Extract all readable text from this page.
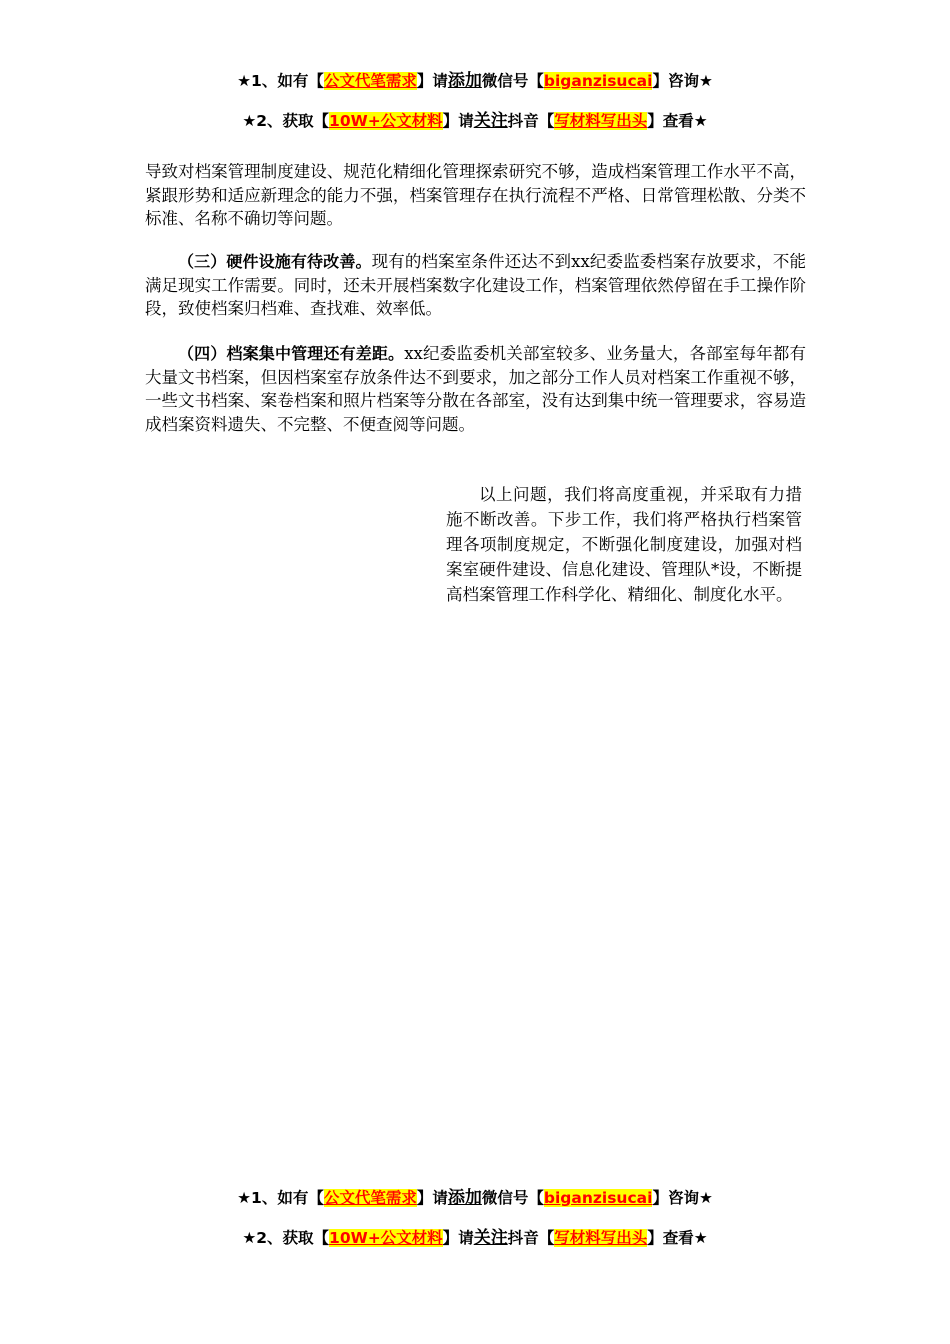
★1、如有【公文代笔需求】请添加微信号【biganzisucai】咨询★
★2、获取【10W+公文材料】请关注抖音【写材料写出头】查看★

导致对档案管理制度建设、规范化精细化管理探索研究不够，造成档案管理工作水平不高，紧跟形势和适应新理念的能力不强，档案管理存在执行流程不严格、日常管理松散、分类不标准、名称不确切等问题。

（三）硬件设施有待改善。现有的档案室条件还达不到xx纪委监委档案存放要求，不能满足现实工作需要。同时，还未开展档案数字化建设工作，档案管理依然停留在手工操作阶段，致使档案归档难、查找难、效率低。

（四）档案集中管理还有差距。xx纪委监委机关部室较多、业务量大，各部室每年都有大量文书档案，但因档案室存放条件达不到要求，加之部分工作人员对档案工作重视不够，一些文书档案、案卷档案和照片档案等分散在各部室，没有达到集中统一管理要求，容易造成档案资料遗失、不完整、不便查阅等问题。

以上问题，我们将高度重视，并采取有力措施不断改善。下步工作，我们将严格执行档案管理各项制度规定，不断强化制度建设，加强对档案室硬件建设、信息化建设、管理队*设，不断提高档案管理工作科学化、精细化、制度化水平。

★1、如有【公文代笔需求】请添加微信号【biganzisucai】咨询★
★2、获取【10W+公文材料】请关注抖音【写材料写出头】查看★
